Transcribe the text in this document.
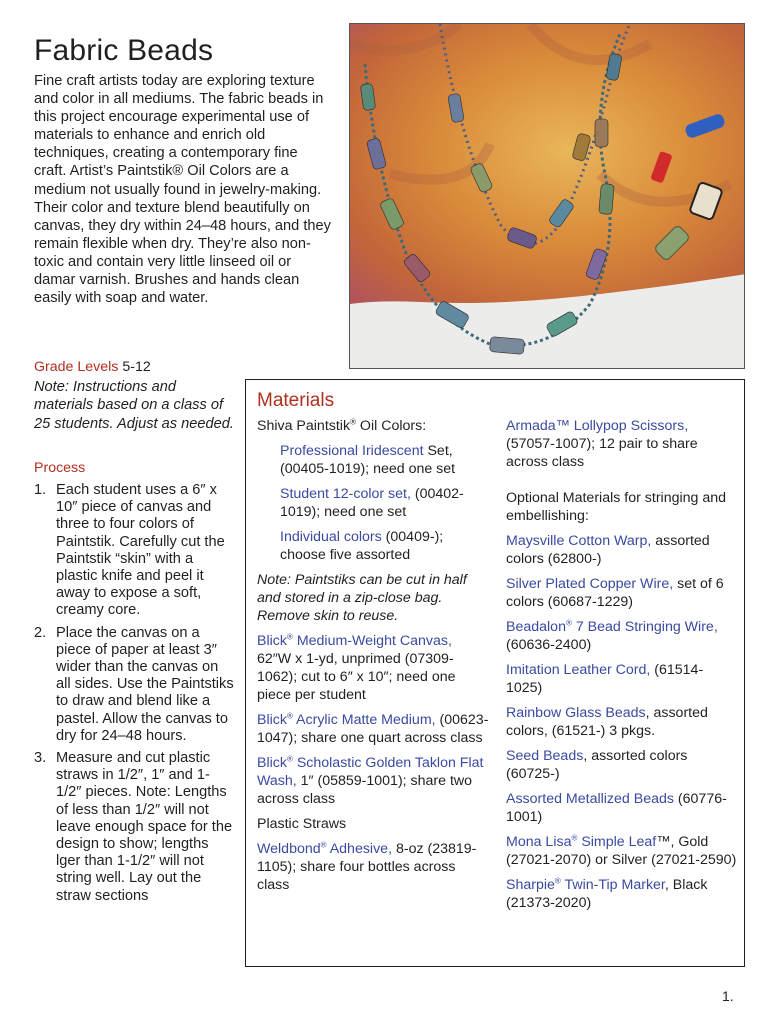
Fabric Beads

Fine craft artists today are exploring texture and color in all mediums. The fabric beads in this project encourage experimental use of materials to enhance and enrich old techniques, creating a contemporary fine craft. Artist’s Paintstik® Oil Colors are a medium not usually found in jewelry-making. Their color and texture blend beautifully on canvas, they dry within 24–48 hours, and they remain flexible when dry. They’re also non-toxic and contain very little linseed oil or damar varnish. Brushes and hands clean easily with soap and water.

Grade Levels 5-12

Note: Instructions and materials based on a class of 25 students. Adjust as needed.

Process
1. Each student uses a 6″ x 10″ piece of canvas and three to four colors of Paintstik. Carefully cut the Paintstik “skin” with a plastic knife and peel it away to expose a soft, creamy core.
2. Place the canvas on a piece of paper at least 3″ wider than the canvas on all sides. Use the Paintstiks to draw and blend like a pastel. Allow the canvas to dry for 24–48 hours.
3. Measure and cut plastic straws in 1/2″, 1″ and 1-1/2″ pieces. Note: Lengths of less than 1/2″ will not leave enough space for the design to show; lengths lger than 1-1/2″ will not string well. Lay out the straw sections
Materials

Shiva Paintstik® Oil Colors:

Professional Iridescent Set, (00405-1019); need one set

Student 12-color set, (00402-1019); need one set

Individual colors (00409-); choose five assorted

Note: Paintstiks can be cut in half and stored in a zip-close bag. Remove skin to reuse.

Blick® Medium-Weight Canvas, 62″W x 1-yd, unprimed (07309-1062); cut to 6″ x 10″; need one piece per student

Blick® Acrylic Matte Medium, (00623-1047); share one quart across class

Blick® Scholastic Golden Taklon Flat Wash, 1″ (05859-1001); share two across class

Plastic Straws

Weldbond® Adhesive, 8-oz (23819-1105); share four bottles across class

Armada™ Lollypop Scissors, (57057-1007); 12 pair to share across class

Optional Materials for stringing and embellishing:

Maysville Cotton Warp, assorted colors (62800-)

Silver Plated Copper Wire, set of 6 colors (60687-1229)

Beadalon® 7 Bead Stringing Wire, (60636-2400)

Imitation Leather Cord, (61514-1025)

Rainbow Glass Beads, assorted colors, (61521-) 3 pkgs.

Seed Beads, assorted colors (60725-)

Assorted Metallized Beads (60776-1001)

Mona Lisa® Simple Leaf™, Gold (27021-2070) or Silver (27021-2590)

Sharpie® Twin-Tip Marker, Black (21373-2020)

1.
